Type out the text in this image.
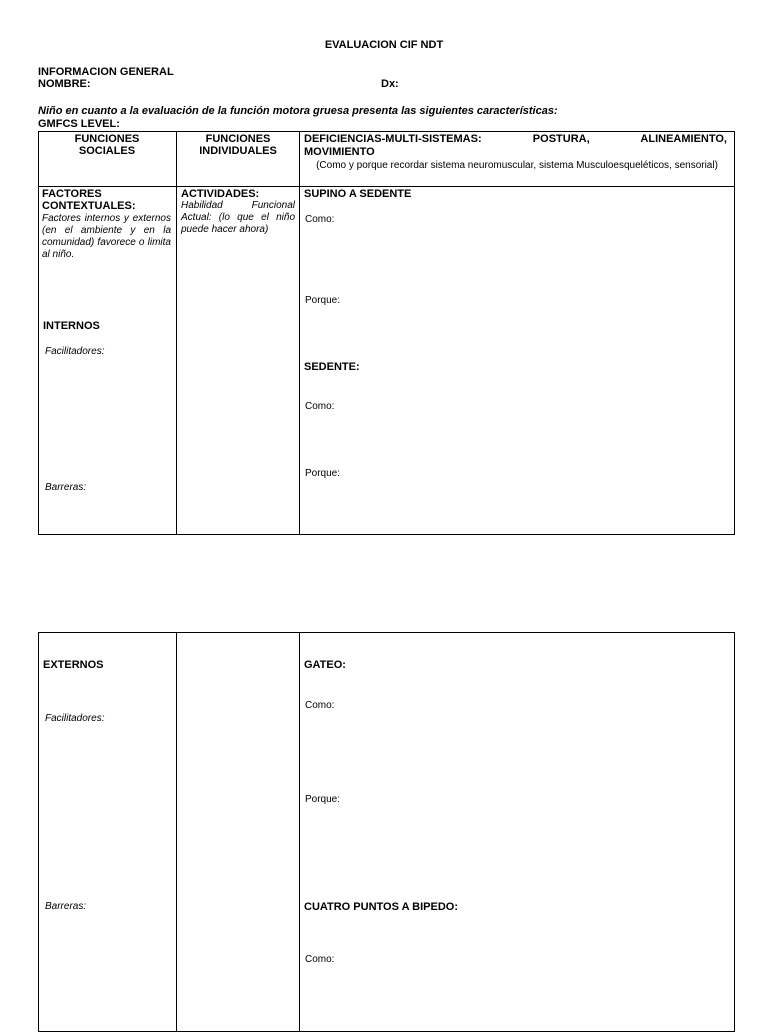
EVALUACION CIF NDT
INFORMACION GENERAL
NOMBRE:	Dx:
Niño en cuanto a la evaluación de la función motora gruesa presenta las siguientes características:
GMFCS LEVEL:
FUNCIONES SOCIALES
FUNCIONES INDIVIDUALES
DEFICIENCIAS-MULTI-SISTEMAS: POSTURA, ALINEAMIENTO,
MOVIMIENTO
(Como y porque recordar sistema neuromuscular, sistema Musculoesqueléticos, sensorial)
FACTORES
CONTEXTUALES:
Factores internos y externos (en el ambiente y en la comunidad) favorece o limita al niño.
INTERNOS
Facilitadores:
Barreras:
ACTIVIDADES:
Habilidad Funcional Actual: (lo que el niño puede hacer ahora)
SUPINO A SEDENTE
Como:
Porque:
SEDENTE:
Como:
Porque:
EXTERNOS
Facilitadores:
Barreras:
GATEO:
Como:
Porque:
CUATRO PUNTOS A BIPEDO:
Como:
